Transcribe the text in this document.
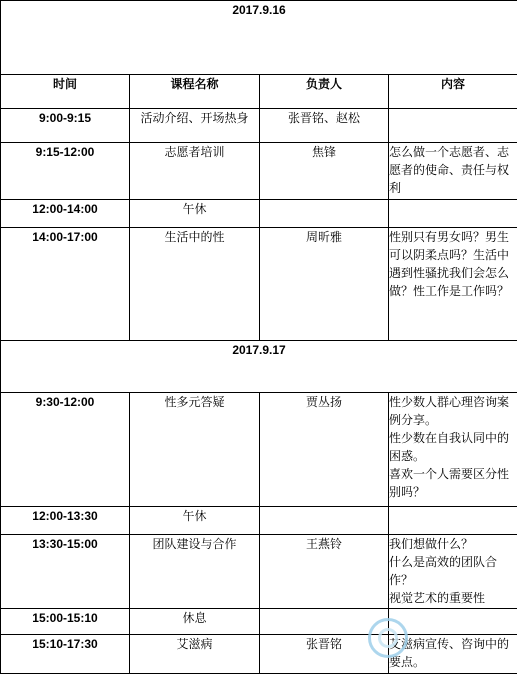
2017.9.16			
时间	课程名称	负责人	内容
9:00-9:15	活动介绍、开场热身	张晋铭、赵松	
9:15-12:00	志愿者培训	焦锋	怎么做一个志愿者、志愿者的使命、责任与权利

12:00-14:00	午休		
14:00-17:00	生活中的性	周昕雅	性别只有男女吗？男生可以阴柔点吗？生活中遇到性骚扰我们会怎么做？性工作是工作吗？

2017.9.17			
9:30-12:00	性多元答疑	贾丛扬	性少数人群心理咨询案例分享。
性少数在自我认同中的困惑。
喜欢一个人需要区分性别吗？

12:00-13:30	午休		
13:30-15:00	团队建设与合作	王燕铃	我们想做什么？
什么是高效的团队合作？
视觉艺术的重要性

15:00-15:10	休息		
15:10-17:30	艾滋病	张晋铭	艾滋病宣传、咨询中的要点。
